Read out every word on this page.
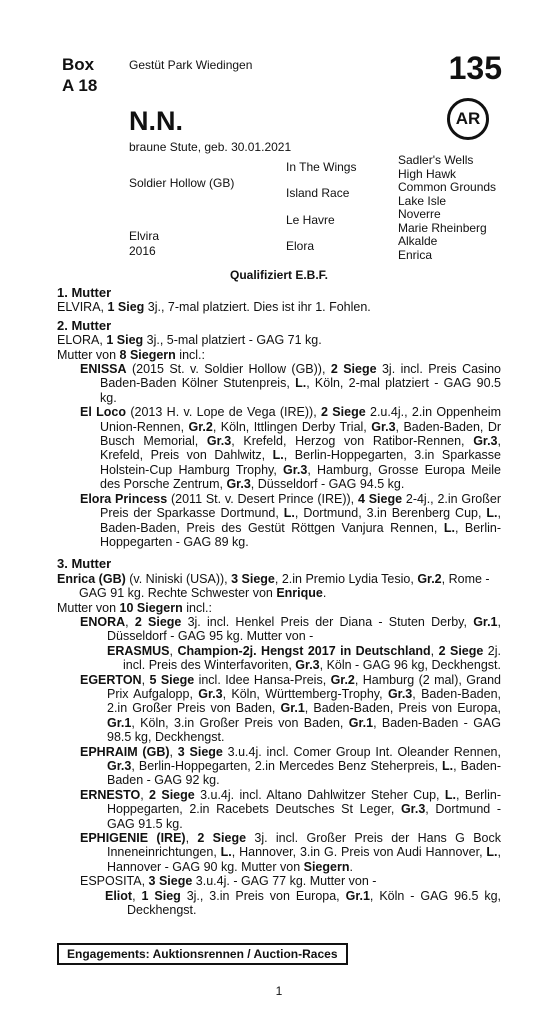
Box
A 18
Gestüt Park Wiedingen	135
AR
N.N.
braune Stute, geb. 30.01.2021
Soldier Hollow (GB)
Elvira
2016
In The Wings
Island Race
Le Havre
Elora
Sadler's Wells
High Hawk
Common Grounds
Lake Isle
Noverre
Marie Rheinberg
Alkalde
Enrica
Qualifiziert E.B.F.
1. Mutter

ELVIRA, 1 Sieg 3j., 7-mal platziert. Dies ist ihr 1. Fohlen.

2. Mutter

ELORA, 1 Sieg 3j., 5-mal platziert - GAG 71 kg.

Mutter von 8 Siegern incl.:

ENISSA (2015 St. v. Soldier Hollow (GB)), 2 Siege 3j. incl. Preis Casino Baden-Baden Kölner Stutenpreis, L., Köln, 2-mal platziert - GAG 90.5 kg.

El Loco (2013 H. v. Lope de Vega (IRE)), 2 Siege 2.u.4j., 2.in Oppenheim Union-Rennen, Gr.2, Köln, Ittlingen Derby Trial, Gr.3, Baden-Baden, Dr Busch Memorial, Gr.3, Krefeld, Herzog von Ratibor-Rennen, Gr.3, Krefeld, Preis von Dahlwitz, L., Berlin-Hoppegarten, 3.in Sparkasse Holstein-Cup Hamburg Trophy, Gr.3, Hamburg, Grosse Europa Meile des Porsche Zentrum, Gr.3, Düsseldorf - GAG 94.5 kg.

Elora Princess (2011 St. v. Desert Prince (IRE)), 4 Siege 2-4j., 2.in Großer Preis der Sparkasse Dortmund, L., Dortmund, 3.in Berenberg Cup, L., Baden-Baden, Preis des Gestüt Röttgen Vanjura Rennen, L., Berlin-Hoppegarten - GAG 89 kg.

3. Mutter

Enrica (GB) (v. Niniski (USA)), 3 Siege, 2.in Premio Lydia Tesio, Gr.2, Rome - GAG 91 kg. Rechte Schwester von Enrique.

Mutter von 10 Siegern incl.:

ENORA, 2 Siege 3j. incl. Henkel Preis der Diana - Stuten Derby, Gr.1, Düsseldorf - GAG 95 kg. Mutter von -

ERASMUS, Champion-2j. Hengst 2017 in Deutschland, 2 Siege 2j. incl. Preis des Winterfavoriten, Gr.3, Köln - GAG 96 kg, Deckhengst.

EGERTON, 5 Siege incl. Idee Hansa-Preis, Gr.2, Hamburg (2 mal), Grand Prix Aufgalopp, Gr.3, Köln, Württemberg-Trophy, Gr.3, Baden-Baden, 2.in Großer Preis von Baden, Gr.1, Baden-Baden, Preis von Europa, Gr.1, Köln, 3.in Großer Preis von Baden, Gr.1, Baden-Baden - GAG 98.5 kg, Deckhengst.

EPHRAIM (GB), 3 Siege 3.u.4j. incl. Comer Group Int. Oleander Rennen, Gr.3, Berlin-Hoppegarten, 2.in Mercedes Benz Steherpreis, L., Baden-Baden - GAG 92 kg.

ERNESTO, 2 Siege 3.u.4j. incl. Altano Dahlwitzer Steher Cup, L., Berlin-Hoppegarten, 2.in Racebets Deutsches St Leger, Gr.3, Dortmund - GAG 91.5 kg.

EPHIGENIE (IRE), 2 Siege 3j. incl. Großer Preis der Hans G Bock Inneneinrichtungen, L., Hannover, 3.in G. Preis von Audi Hannover, L., Hannover - GAG 90 kg. Mutter von Siegern.

ESPOSITA, 3 Siege 3.u.4j. - GAG 77 kg. Mutter von -

Eliot, 1 Sieg 3j., 3.in Preis von Europa, Gr.1, Köln - GAG 96.5 kg, Deckhengst.

Engagements: Auktionsrennen / Auction-Races
1
